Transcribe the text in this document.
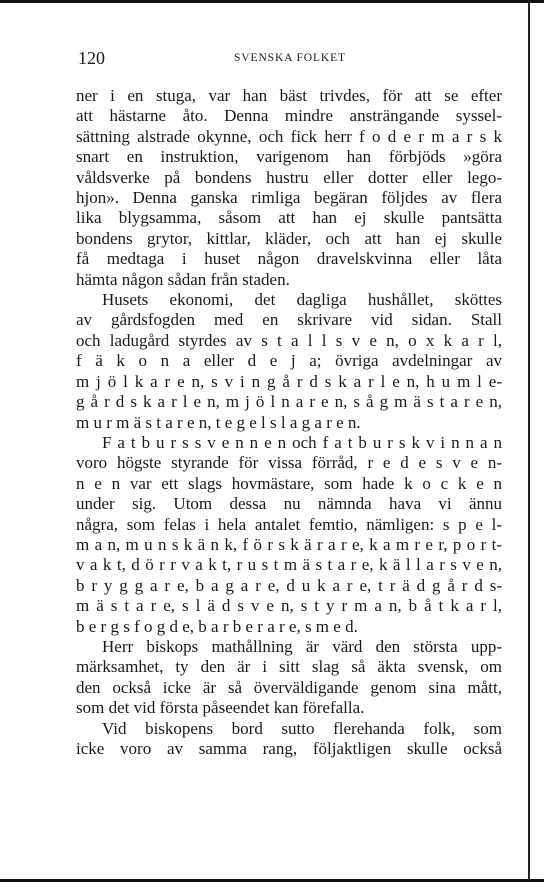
120	SVENSKA FOLKET
ner i en stuga, var han bäst trivdes, för att se efter
att hästarne åto. Denna mindre ansträngande syssel-
sättning alstrade okynne, och fick herr f o d e r m a r s k
snart en instruktion, varigenom han förbjöds »göra
våldsverke på bondens hustru eller dotter eller lego-
hjon». Denna ganska rimliga begäran följdes av flera
lika blygsamma, såsom att han ej skulle pantsätta
bondens grytor, kittlar, kläder, och att han ej skulle
få medtaga i huset någon dravelskvinna eller låta
hämta någon sådan från staden.
Husets ekonomi, det dagliga hushållet, sköttes
av gårdsfogden med en skrivare vid sidan. Stall
och ladugård styrdes av s t a l l s v e n, o x k a r l,
f ä k o n a eller d e j a; övriga avdelningar av
m j ö l k a r e n, s v i n g å r d s k a r l e n, h u m l e-
g å r d s k a r l e n, m j ö l n a r e n, s å g m ä s t a r e n,
m u r m ä s t a r e n, t e g e l s l a g a r e n.
F a t b u r s s v e n n e n och f a t b u r s k v i n n a n
voro högste styrande för vissa förråd, r e d e s v e n-
n e n var ett slags hovmästare, som hade k o c k e n
under sig. Utom dessa nu nämnda hava vi ännu
några, som felas i hela antalet femtio, nämligen: s p e l-
m a n, m u n s k ä n k, f ö r s k ä r a r e, k a m r e r, p o r t-
v a k t, d ö r r v a k t, r u s t m ä s t a r e, k ä l l a r s v e n,
b r y g g a r e, b a g a r e, d u k a r e, t r ä d g å r d s-
m ä s t a r e, s l ä d s v e n, s t y r m a n, b å t k a r l,
b e r g s f o g d e, b a r b e r a r e, s m e d.
Herr biskops mathållning är värd den största upp-
märksamhet, ty den är i sitt slag så äkta svensk, om
den också icke är så överväldigande genom sina mått,
som det vid första påseendet kan förefalla.
Vid biskopens bord sutto flerehanda folk, som
icke voro av samma rang, följaktligen skulle också
